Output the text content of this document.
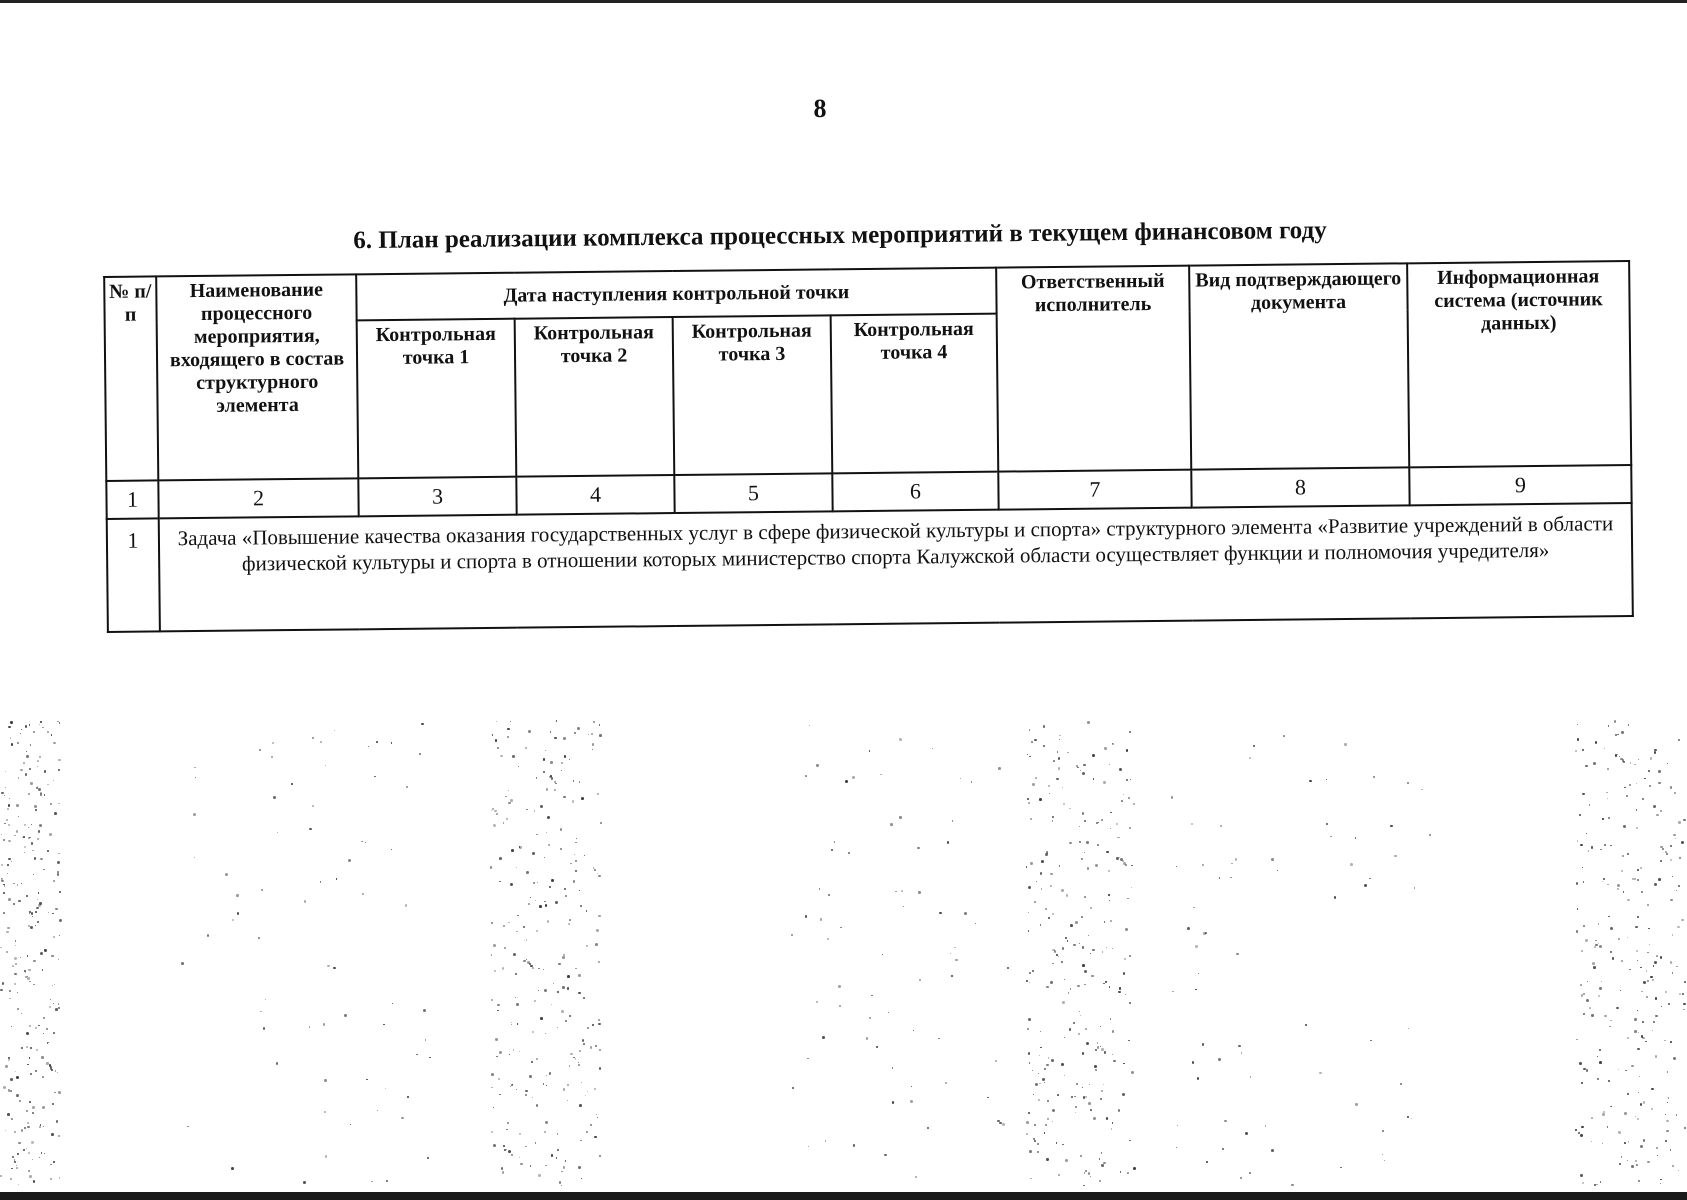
8
6. План реализации комплекса процессных мероприятий в текущем финансовом году
№ п/п	Наименование процессного мероприятия, входящего в состав структурного элемента	Дата наступления контрольной точки				Ответственный исполнитель	Вид подтверждающего документа	Информационная система (источник данных)
		Контрольная точка 1	Контрольная точка 2	Контрольная точка 3	Контрольная точка 4			
1	2	3	4	5	6	7	8	9
1	Задача «Повышение качества оказания государственных услуг в сфере физической культуры и спорта» структурного элемента «Развитие учреждений в области физической культуры и спорта в отношении которых министерство спорта Калужской области осуществляет функции и полномочия учредителя»							
